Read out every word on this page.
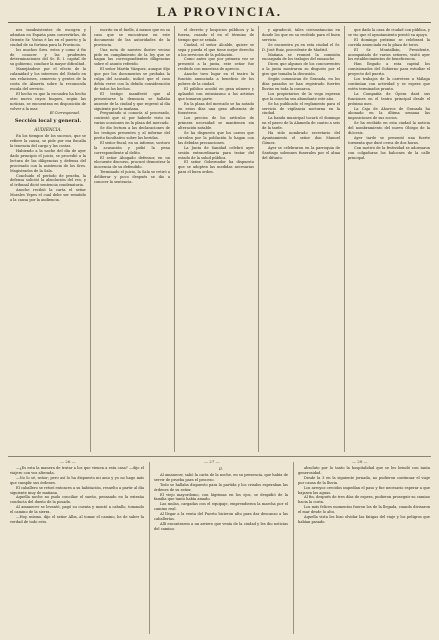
LA PROVINCIA.

nes insubsistentes de escogen y admitan en España para convertirlas, de Oriente Sr. Vistas é las en el puerto y la ciudad de su fortuna para la Provincia.

los muchos Sres. estos y como á fin de conocer y las prudentes determinaciones del Sr. R. I. capital de su gobierno, conduce la mayor dificultad.

Manejándose por el efecto de la calamidad y los intereses del Estado en sus relaciones, comercio y gentes de la costa de Almería sobre la reconocida escala del servicio.

El hecho es que la escuadra ha hecho otro nuevo cuyos buques, según las noticias, se encuentran en disposición de volver a la mar.

El Corresponsal.

Sección local y general.

AUDIENCIA.

En los tiempos de los sucesos, que se refiere la causa, se pide por esa fiscalía la tenencia del cargo y las costas.

Habiendo a la noche del día de ayer dado principio el juicio, se procedió a la lectura de las diligencias y defensa del procesado con la asistencia de los Sres. Magistrados de la Sala.

Concluido el período de prueba, la defensa solicitó la absolución del reo, y el tribunal dictó sentencia condenatoria.

Anoche recibió la carta el señor Morales Yepes el cual debe ser remitido a la causa por la audiencia.

escrito en el fuelle, á menos que en su caso que se encontrase en este documento de las autoridades de la provincia.

Una nota de nuestro ilustre vecino pide en cumplimiento de la ley que se hagan las correspondientes diligencias sobre el asunto referido.

El señor Martín Vázquez, aunque dijo que por los documentos se probaba la culpa del acusado, indicó que el caso debía verse con la debida consideración de todos los hechos.

El testigo manifestó que al presentarse la denuncia se hallaba ausente de la ciudad y que regresó al día siguiente por la mañana.

Preguntado si conocía al procesado, contestó que sí, por haberle visto en varias ocasiones en la plaza del mercado.

Se dio lectura a las declaraciones de los testigos presentes y al informe del perito facultativo sobre las heridas.

El señor fiscal, en su informe, sostuvo la acusación y pidió la pena correspondiente al delito.

El señor Abogado defensor, en un elocuente discurso, procuró demostrar la inocencia de su defendido.

Terminado el juicio, la Sala se retiró a deliberar y poco después se dio a conocer la sentencia.

el decreto y hospicios públicos y la fuerza, cuando el en el término de tiempo que se señala.

Ciudad, el señor Alcalde, quiere se sepa y pueda el que tiene mejor derecho a los servicios de la población.

Como antes que por primera vez se presentó a la junta, este señor fue recibido con muestras de aprecio.

Anoche tuvo lugar en el teatro la función anunciada a beneficio de los pobres de la ciudad.

El público acudió en gran número y aplaudió con entusiasmo a los artistas que tomaron parte.

En la plaza del mercado se ha notado en estos días una gran afluencia de forasteros.

Los precios de los artículos de primera necesidad se mantienen sin alteración notable.

Se ha dispuesto que los carros que circulen por la población lo hagan con las debidas precauciones.

La Junta de Sanidad celebró ayer sesión extraordinaria para tratar del estado de la salud pública.

El señor Gobernador ha dispuesto que se adopten las medidas necesarias para el buen orden.

y agradeció, tales circunstancias en donde los que en su recibido para el buen servicio.

Se encuentra ya en esta ciudad el Sr. D. José Ruiz, procedente de Madrid.

Mañana se reunirá la comisión encargada de los trabajos del ensanche.

Dicen que algunos de los concurrentes a la junta mostraron su disgusto por el giro que tomaba la discusión.

Según comunican de Granada, en los días pasados se han registrado fuertes lluvias en toda la comarca.

Los propietarios de la vega esperan que la cosecha sea abundante este año.

Se ha publicado el reglamento para el servicio de vigilancia nocturna en la ciudad.

La banda municipal tocará el domingo en el paseo de la Alameda de cuatro a seis de la tarde.

Ha sido nombrado secretario del Ayuntamiento el señor don Manuel Gómez.

Ayer se celebraron en la parroquia de Santiago solemnes funerales por el alma del difunto.

que dado la casa de ciudad con pública, y se vio que el ayuntamiento prestó su apoyo.

El domingo próximo se celebrará la corrida anunciada en la plaza de toros.

El Sr. Montalbán, Presidente, acompañado de varios señores, visitó ayer los establecimientos de beneficencia.

Han llegado a esta capital los comisionados del Gobierno para estudiar el proyecto del puerto.

Los trabajos de la carretera a Málaga continúan con actividad y se espera que estén terminados pronto.

La Compañía de Ópera dará sus funciones en el teatro principal desde el próximo mes.

La Caja de Ahorros de Granada ha abonado en la última semana las imposiciones de sus socios.

Se ha recibido en esta ciudad la noticia del nombramiento del nuevo Obispo de la diócesis.

Ayer tarde se presentó una fuerte tormenta que duró cerca de dos horas.

Con motivo de la festividad se adornaron con colgaduras los balcones de la calle principal.

— 26 —	— 27 —	— 28 —

—¿Es esta la manera de tratar a los que vienen a esta casa? —dijo el viajero con voz alterada.

—No lo sé, señor; pero así lo ha dispuesto mi amo y yo no hago más que cumplir sus órdenes.

El caballero se retiró entonces a su habitación, resuelto a partir al día siguiente muy de mañana.

Aquella noche no pudo conciliar el sueño, pensando en la extraña conducta del dueño de la posada.

Al amanecer se levantó, pagó su cuenta y montó a caballo, tomando el camino de la sierra.

—Hoy, mismo, dijo el señor Alba, al tomar el camino, he de saber la verdad de todo esto.

II.

Al amanecer, salió la carta de la noche, en su presencia, que había de servir de prueba para el proceso.

Todo se hallaba dispuesto para la partida y los criados esperaban las órdenes de su señor.

El viejo mayordomo, con lágrimas en los ojos, se despidió de la familia que tanto había amado.

Las mulas, cargadas con el equipaje, emprendieron la marcha por el camino real.

Al llegar a la venta del Puerto hicieron alto para dar descanso a las caballerías.

Allí encontraron a un arriero que venía de la ciudad y les dio noticias del camino.

absoluto por lo tanto la hospitalidad que se les brindó con tanta generosidad.

Desde la 3 en la siguiente jornada, no pudieron continuar el viaje por causa de la lluvia.

Los arroyos crecidos impedían el paso y fue necesario esperar a que bajasen las aguas.

Al fin, después de tres días de espera, pudieron proseguir su camino hacia la costa.

Los más felices momentos fueron los de la llegada, cuando divisaron el mar desde lo alto.

Aquella vista les hizo olvidar las fatigas del viaje y los peligros que habían pasado.
